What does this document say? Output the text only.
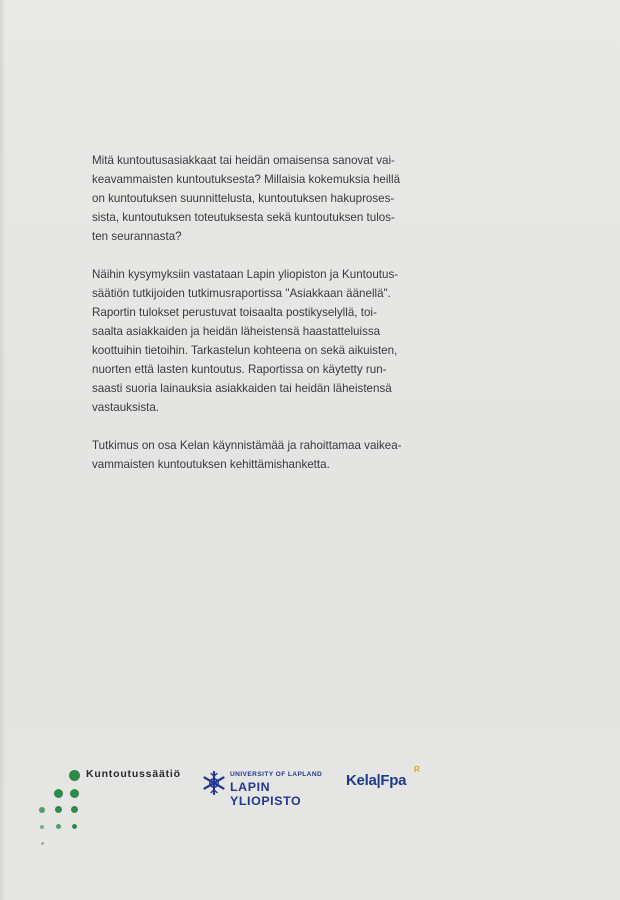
Mitä kuntoutusasiakkaat tai heidän omaisensa sanovat vai-
keavammaisten kuntoutuksesta? Millaisia kokemuksia heillä
on kuntoutuksen suunnittelusta, kuntoutuksen hakuproses-
sista, kuntoutuksen toteutuksesta sekä kuntoutuksen tulos-
ten seurannasta?

Näihin kysymyksiin vastataan Lapin yliopiston ja Kuntoutus-
säätiön tutkijoiden tutkimusraportissa "Asiakkaan äänellä".
Raportin tulokset perustuvat toisaalta postikyselyllä, toi-
saalta asiakkaiden ja heidän läheistensä haastatteluissa
koottuihin tietoihin. Tarkastelun kohteena on sekä aikuisten,
nuorten että lasten kuntoutus. Raportissa on käytetty run-
saasti suoria lainauksia asiakkaiden tai heidän läheistensä
vastauksista.

Tutkimus on osa Kelan käynnistämää ja rahoittamaa vaikea-
vammaisten kuntoutuksen kehittämishanketta.

Kuntoutussäätiö	UNIVERSITY OF LAPLAND
LAPIN YLIOPISTO
Kela|Fpa
R
